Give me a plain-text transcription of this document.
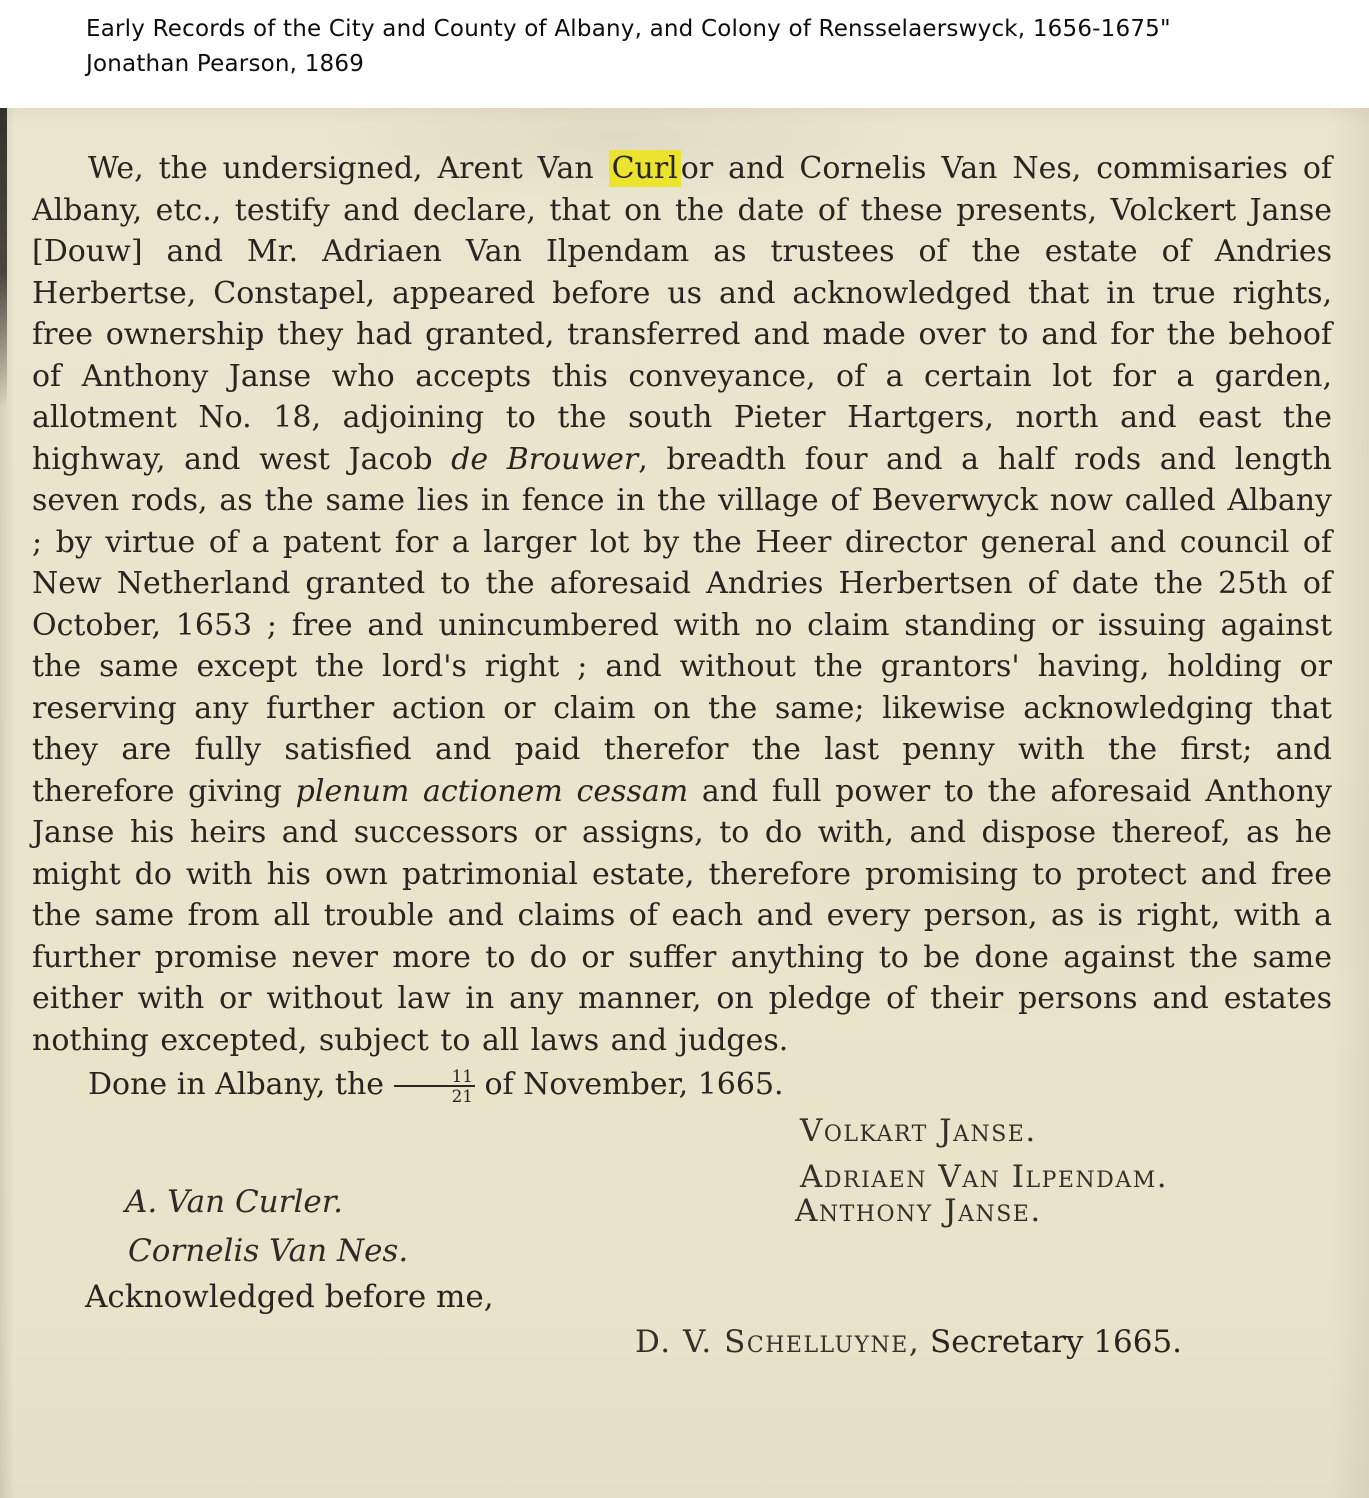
Early Records of the City and County of Albany, and Colony of Rensselaerswyck, 1656-1675"
Jonathan Pearson, 1869

We, the undersigned, Arent Van Curl or and Cornelis Van Nes, commisaries of Albany, etc., testify and declare, that on the date of these presents, Volckert Janse [Douw] and Mr. Adriaen Van Ilpendam as trustees of the estate of Andries Herbertse, Constapel, appeared before us and acknowledged that in true rights, free ownership they had granted, transferred and made over to and for the behoof of Anthony Janse who accepts this conveyance, of a certain lot for a garden, allotment No. 18, adjoining to the south Pieter Hartgers, north and east the highway, and west Jacob de Brouwer, breadth four and a half rods and length seven rods, as the same lies in fence in the village of Beverwyck now called Albany ; by virtue of a patent for a larger lot by the Heer director general and council of New Netherland granted to the aforesaid Andries Herbertsen of date the 25th of October, 1653 ; free and unincumbered with no claim standing or issuing against the same except the lord's right ; and without the grantors' having, holding or reserving any further action or claim on the same; likewise acknowledging that they are fully satisfied and paid therefor the last penny with the first; and therefore giving plenum actionem cessam and full power to the aforesaid Anthony Janse his heirs and successors or assigns, to do with, and dispose thereof, as he might do with his own patrimonial estate, therefore promising to protect and free the same from all trouble and claims of each and every person, as is right, with a further promise never more to do or suffer anything to be done against the same either with or without law in any manner, on pledge of their persons and estates nothing excepted, subject to all laws and judges.

Done in Albany, the $\frac{11}{21}$ of November, 1665.

Volkart Janse.
Adriaen Van Ilpendam.
Anthony Janse.
A. Van Curler.
Cornelis Van Nes.
Acknowledged before me,
D. V. Schelluyne, Secretary 1665.
